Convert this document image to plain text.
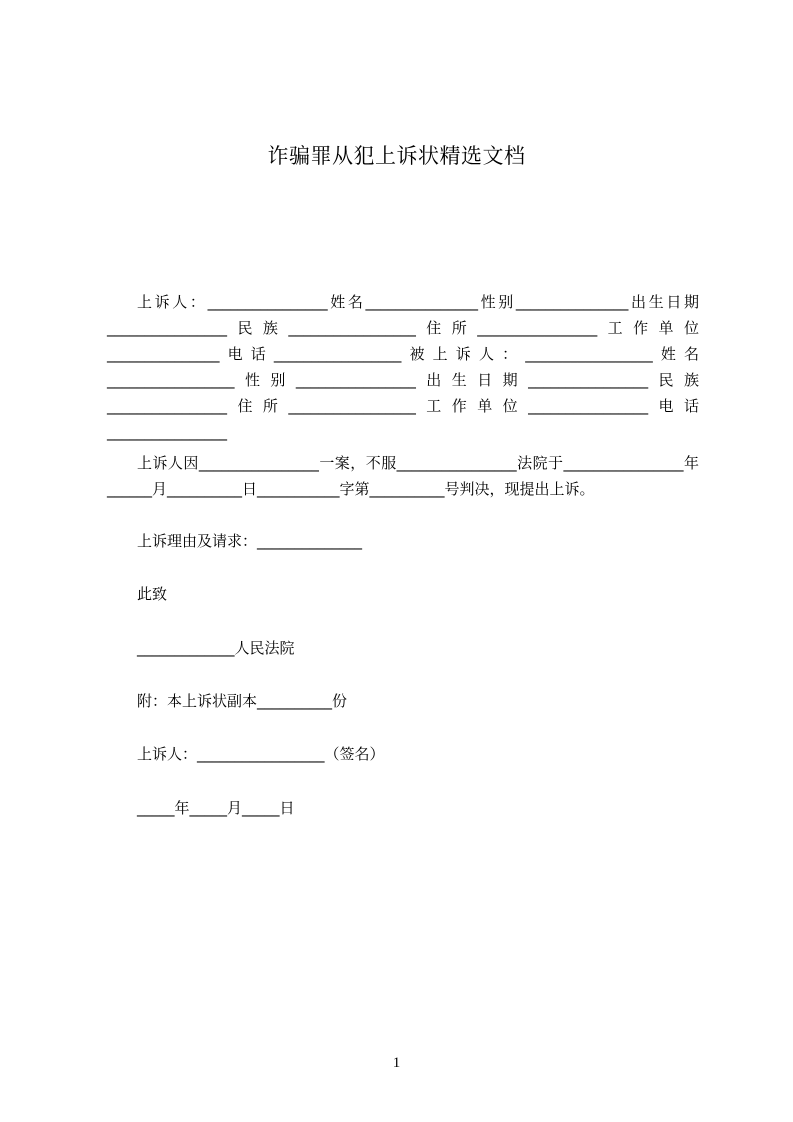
诈骗罪从犯上诉状精选文档
上诉人：________________姓名_______________性别_______________出生日期________________民族_________________住所________________工作单位_______________电话_________________被上诉人：_________________姓名_________________性别________________出生日期________________民族________________住所_________________工作单位________________电话________________
上诉人因________________一案，不服________________法院于________________年______月__________日___________字第__________号判决，现提出上诉。
上诉理由及请求：______________
此致
_____________人民法院
附：本上诉状副本__________份
上诉人：_________________（签名）
_____年_____月_____日
1
